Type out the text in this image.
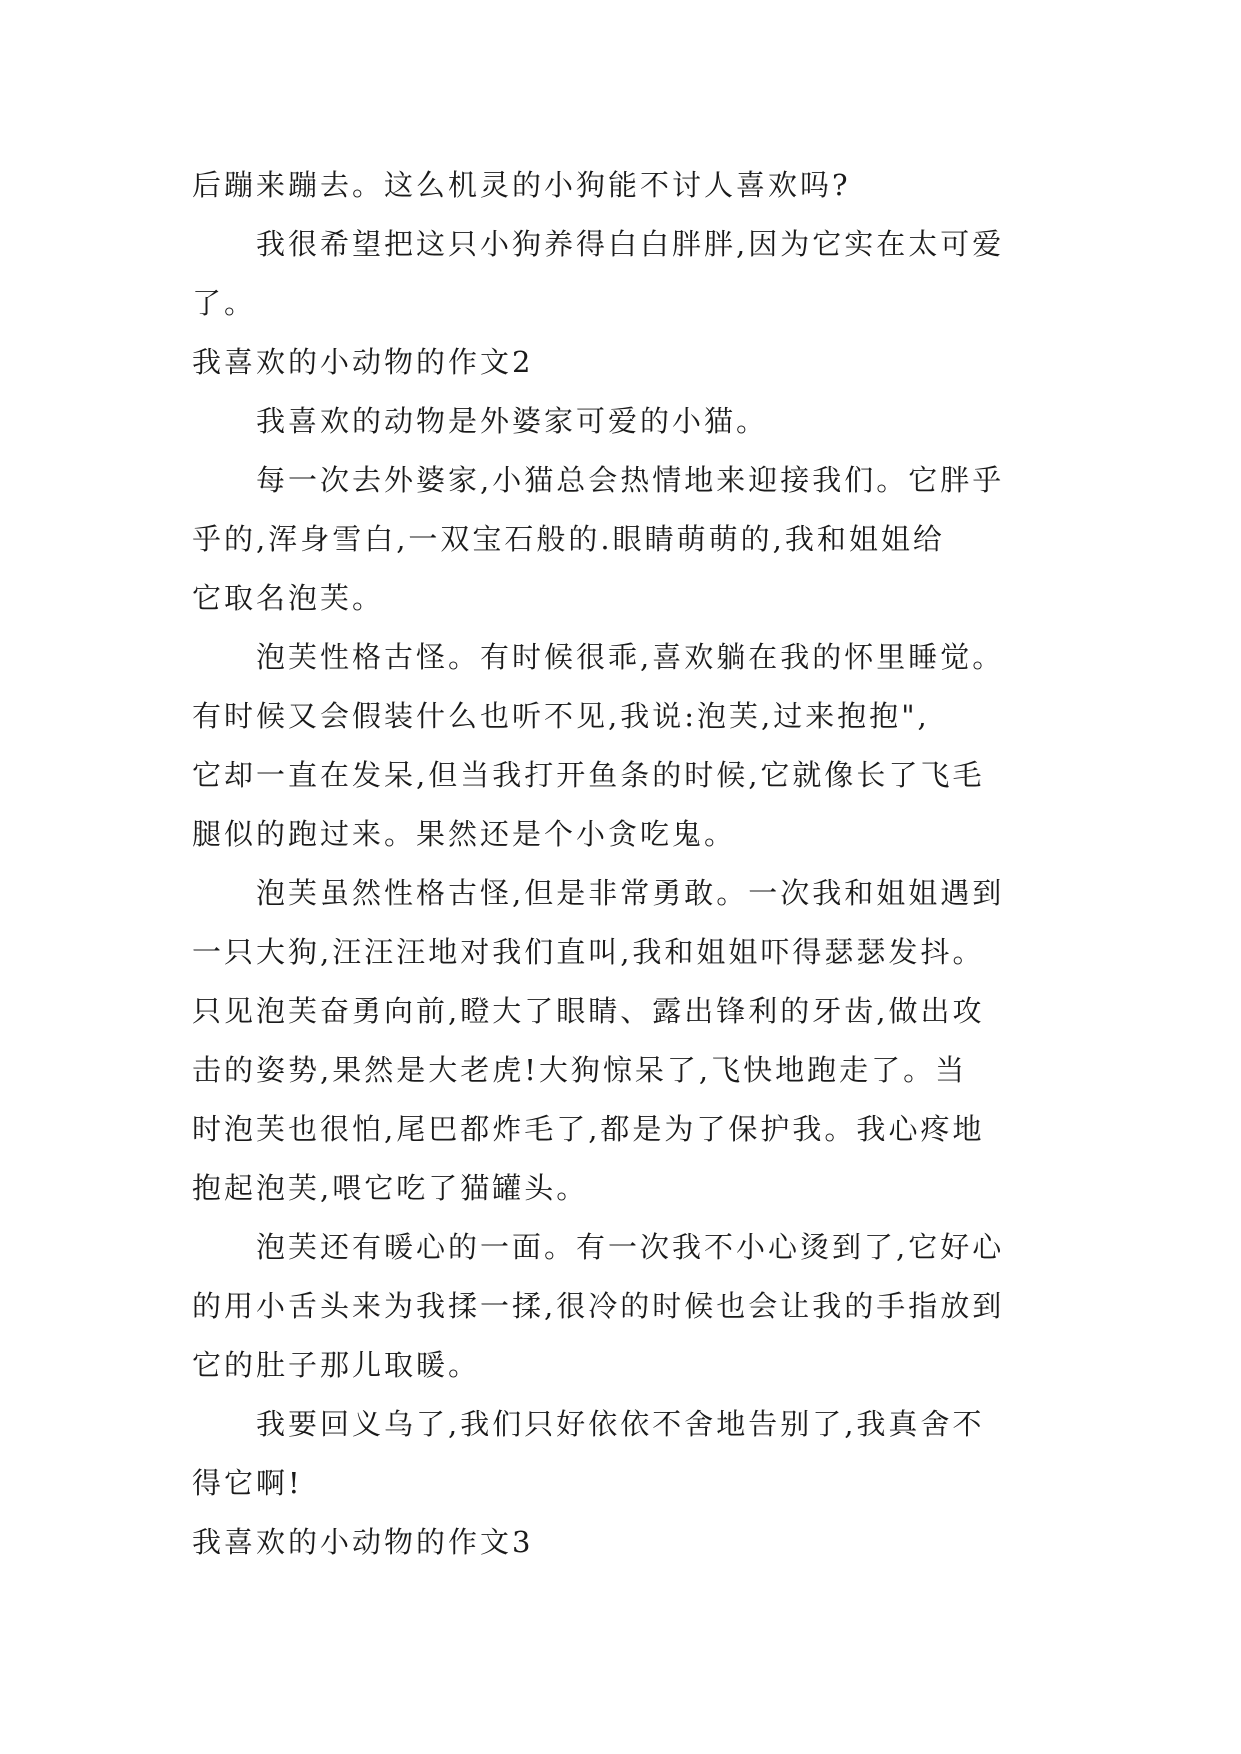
后蹦来蹦去。这么机灵的小狗能不讨人喜欢吗?
我很希望把这只小狗养得白白胖胖,因为它实在太可爱
了。
我喜欢的小动物的作文2
我喜欢的动物是外婆家可爱的小猫。
每一次去外婆家,小猫总会热情地来迎接我们。它胖乎
乎的,浑身雪白,一双宝石般的.眼睛萌萌的,我和姐姐给
它取名泡芙。
泡芙性格古怪。有时候很乖,喜欢躺在我的怀里睡觉。
有时候又会假装什么也听不见,我说:泡芙,过来抱抱",
它却一直在发呆,但当我打开鱼条的时候,它就像长了飞毛
腿似的跑过来。果然还是个小贪吃鬼。
泡芙虽然性格古怪,但是非常勇敢。一次我和姐姐遇到
一只大狗,汪汪汪地对我们直叫,我和姐姐吓得瑟瑟发抖。
只见泡芙奋勇向前,瞪大了眼睛、露出锋利的牙齿,做出攻
击的姿势,果然是大老虎!大狗惊呆了,飞快地跑走了。当
时泡芙也很怕,尾巴都炸毛了,都是为了保护我。我心疼地
抱起泡芙,喂它吃了猫罐头。
泡芙还有暖心的一面。有一次我不小心烫到了,它好心
的用小舌头来为我揉一揉,很冷的时候也会让我的手指放到
它的肚子那儿取暖。
我要回义乌了,我们只好依依不舍地告别了,我真舍不
得它啊!
我喜欢的小动物的作文3
